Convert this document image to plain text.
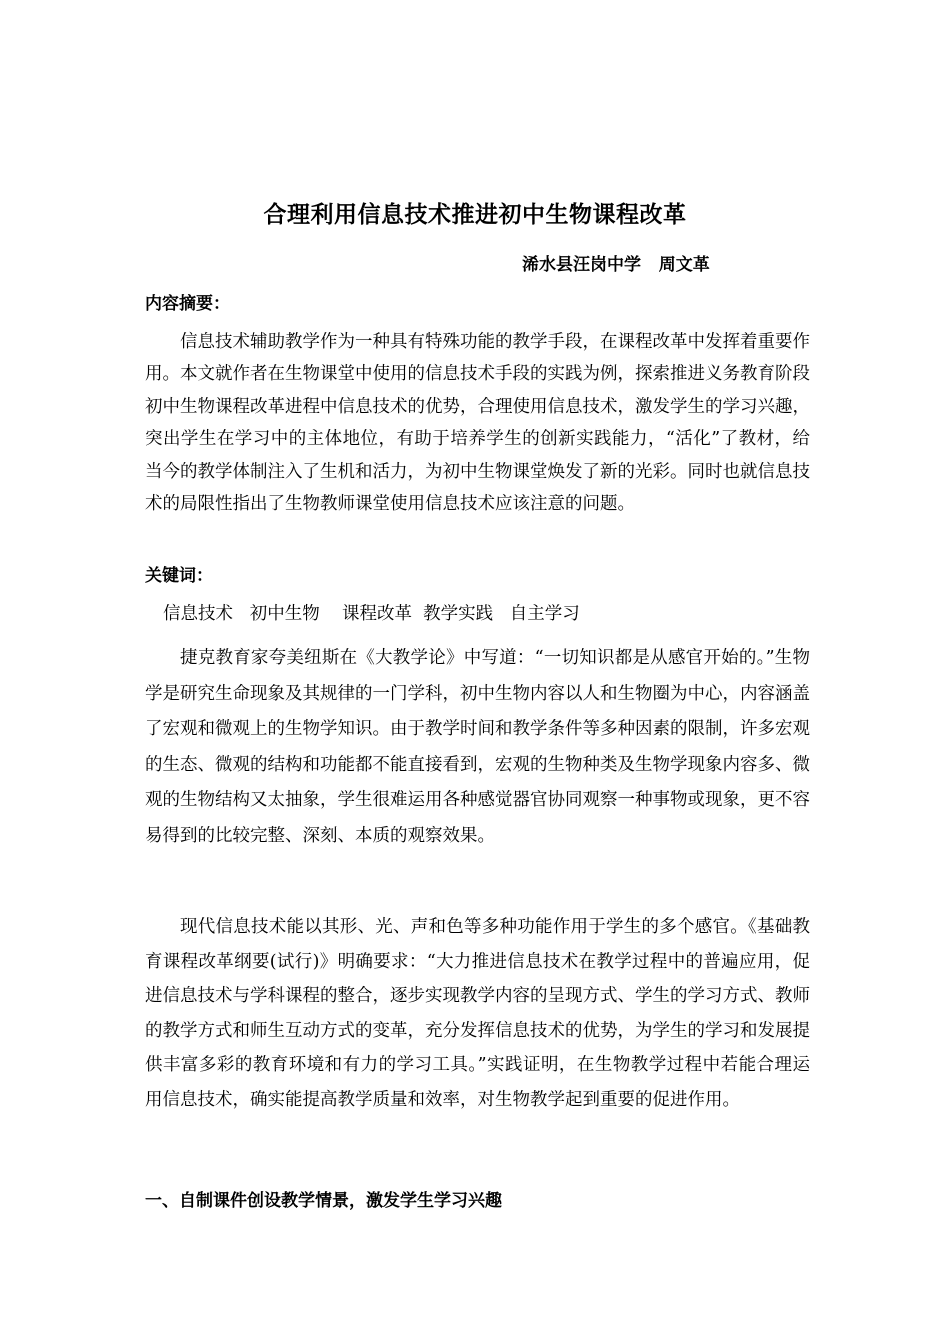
合理利用信息技术推进初中生物课程改革
浠水县汪岗中学   周文革
内容摘要：

信息技术辅助教学作为一种具有特殊功能的教学手段，在课程改革中发挥着重要作用。本文就作者在生物课堂中使用的信息技术手段的实践为例，探索推进义务教育阶段初中生物课程改革进程中信息技术的优势，合理使用信息技术，激发学生的学习兴趣，突出学生在学习中的主体地位，有助于培养学生的创新实践能力，“活化”了教材，给当今的教学体制注入了生机和活力，为初中生物课堂焕发了新的光彩。同时也就信息技术的局限性指出了生物教师课堂使用信息技术应该注意的问题。

关键词：
信息技术   初中生物    课程改革  教学实践   自主学习

捷克教育家夸美纽斯在《大教学论》中写道：“一切知识都是从感官开始的。”生物学是研究生命现象及其规律的一门学科，初中生物内容以人和生物圈为中心，内容涵盖了宏观和微观上的生物学知识。由于教学时间和教学条件等多种因素的限制，许多宏观的生态、微观的结构和功能都不能直接看到，宏观的生物种类及生物学现象内容多、微观的生物结构又太抽象，学生很难运用各种感觉器官协同观察一种事物或现象，更不容易得到的比较完整、深刻、本质的观察效果。

现代信息技术能以其形、光、声和色等多种功能作用于学生的多个感官。《基础教育课程改革纲要(试行)》明确要求：“大力推进信息技术在教学过程中的普遍应用，促进信息技术与学科课程的整合，逐步实现教学内容的呈现方式、学生的学习方式、教师的教学方式和师生互动方式的变革，充分发挥信息技术的优势，为学生的学习和发展提供丰富多彩的教育环境和有力的学习工具。”实践证明，在生物教学过程中若能合理运用信息技术，确实能提高教学质量和效率，对生物教学起到重要的促进作用。

一、自制课件创设教学情景，激发学生学习兴趣
